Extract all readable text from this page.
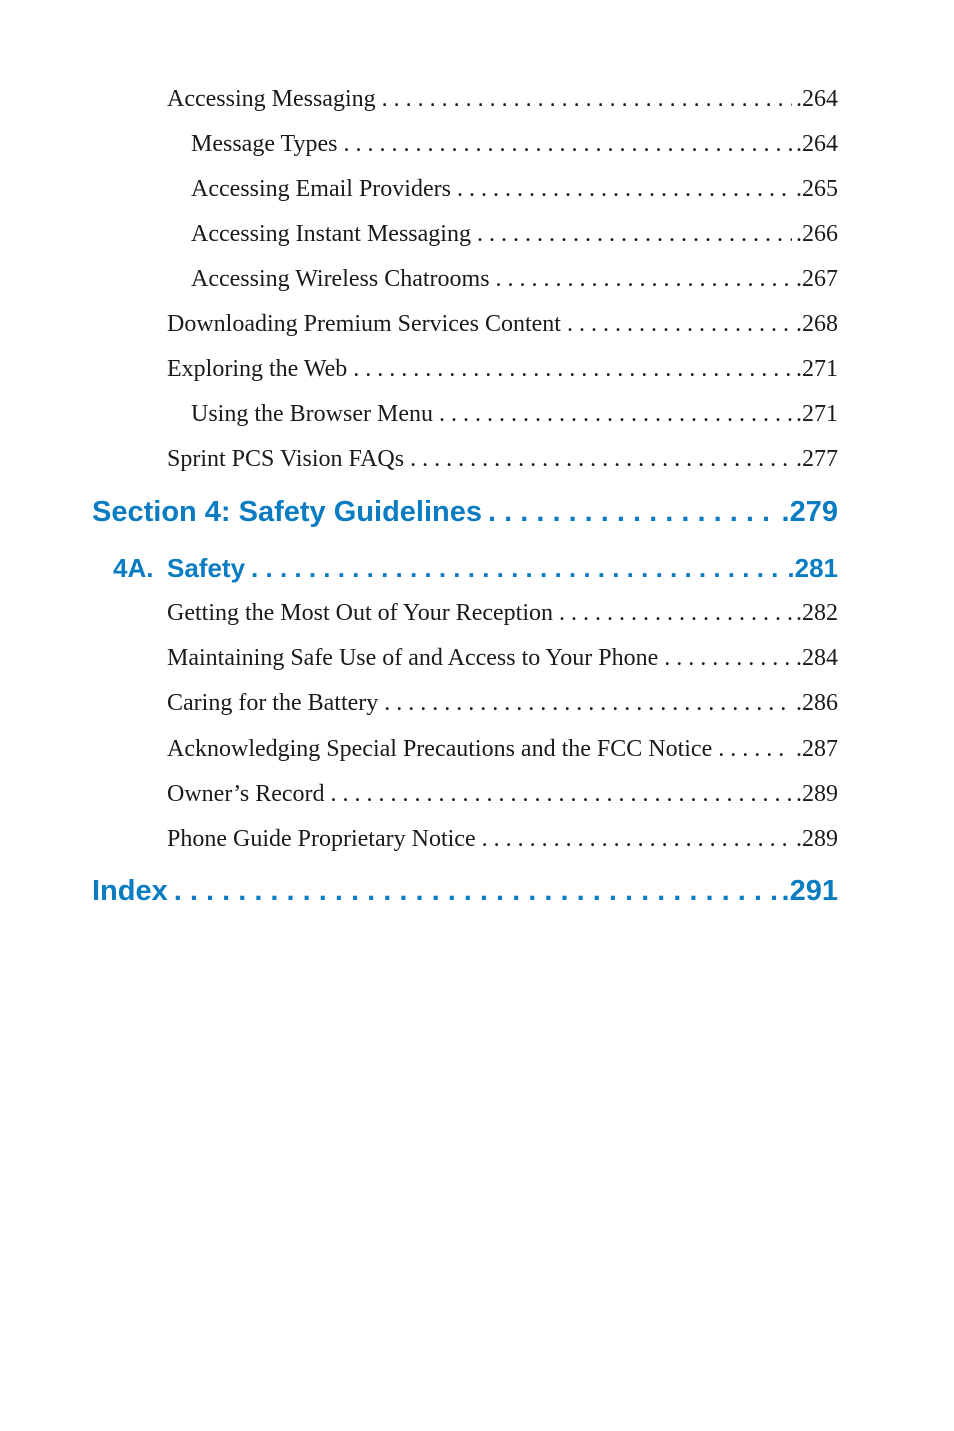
Accessing Messaging . . .	.264
Message Types . . .	.264
Accessing Email Providers . . .	.265
Accessing Instant Messaging . . .	.266
Accessing Wireless Chatrooms . . .	.267
Downloading Premium Services Content . . .	.268
Exploring the Web . . .	.271
Using the Browser Menu . . .	.271
Sprint PCS Vision FAQs . . .	.277
Section 4: Safety Guidelines . . .	.279
4A. Safety . . .	.281
Getting the Most Out of Your Reception . . .	.282
Maintaining Safe Use of and Access to Your Phone . . .	.284
Caring for the Battery . . .	.286
Acknowledging Special Precautions and the FCC Notice . . .	.287
Owner’s Record . . .	.289
Phone Guide Proprietary Notice . . .	.289
Index . . .	.291
